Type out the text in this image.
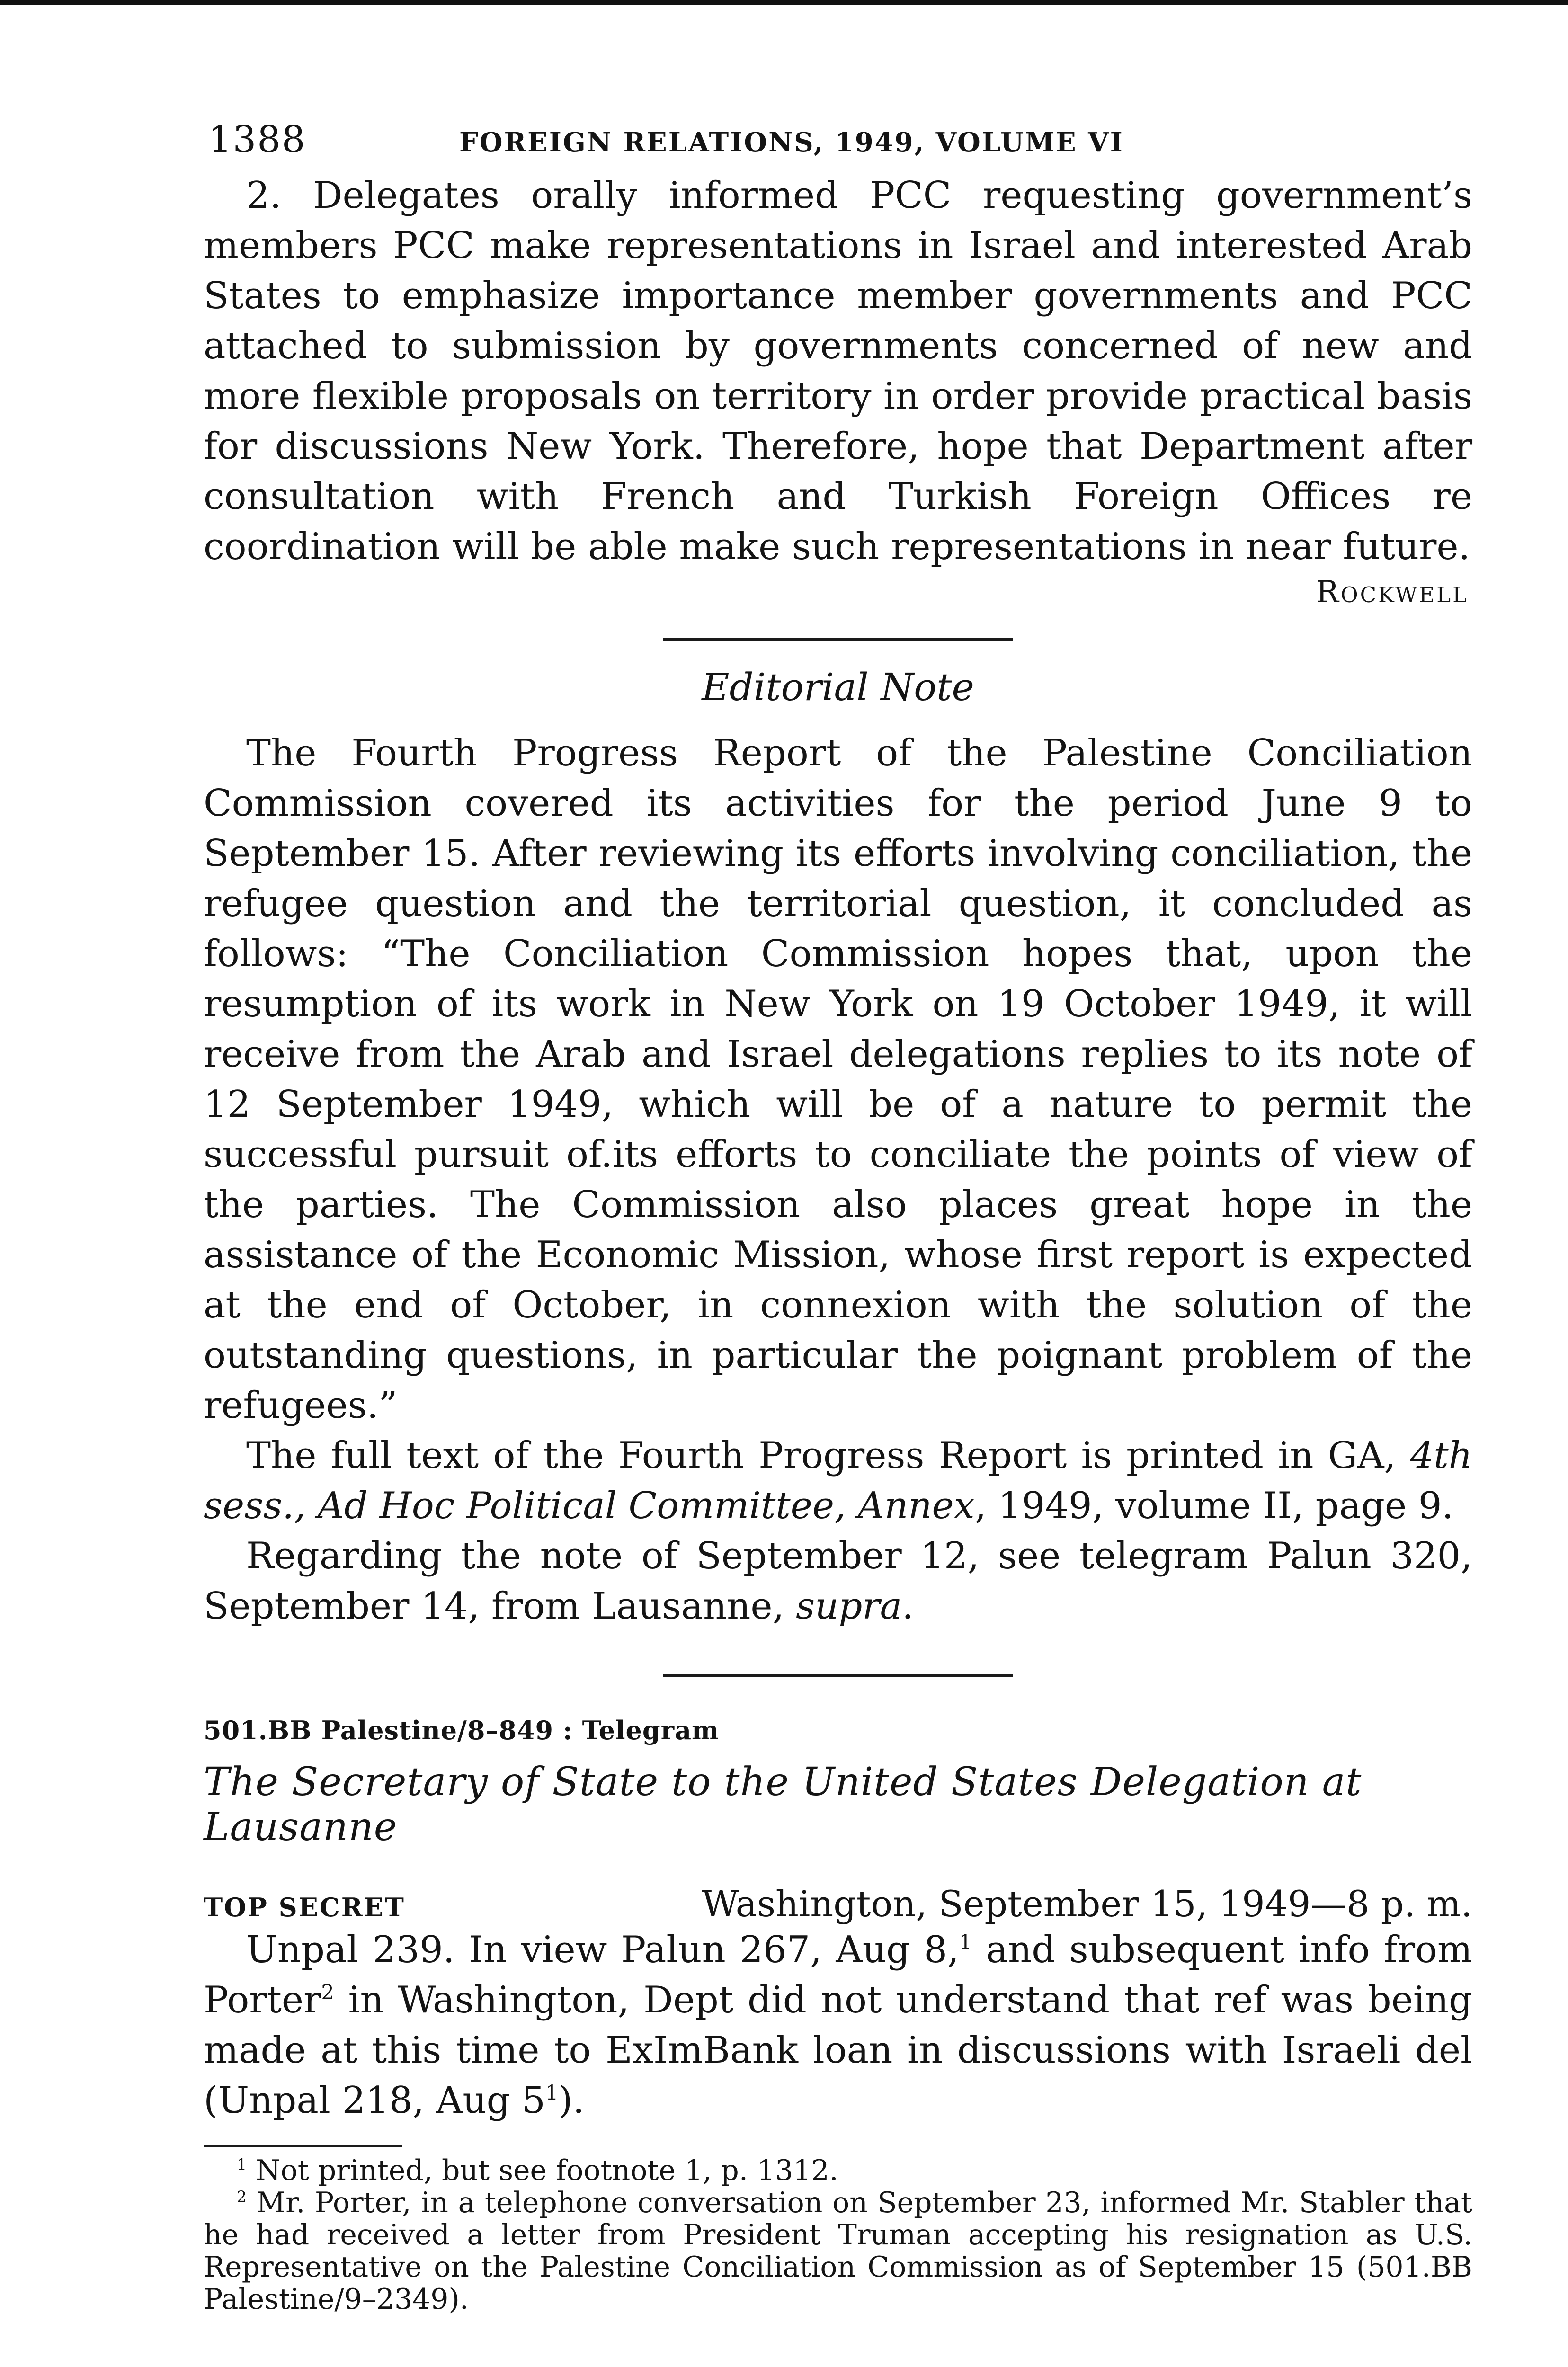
1388	FOREIGN RELATIONS, 1949, VOLUME VI

2. Delegates orally informed PCC requesting government’s members PCC make representations in Israel and interested Arab States to emphasize importance member governments and PCC attached to submission by governments concerned of new and more flexible proposals on territory in order provide practical basis for discussions New York. Therefore, hope that Department after consultation with French and Turkish Foreign Offices re coordination will be able make such representations in near future.

Rockwell
Editorial Note

The Fourth Progress Report of the Palestine Conciliation Commission covered its activities for the period June 9 to September 15. After reviewing its efforts involving conciliation, the refugee question and the territorial question, it concluded as follows: “The Conciliation Commission hopes that, upon the resumption of its work in New York on 19 October 1949, it will receive from the Arab and Israel delegations replies to its note of 12 September 1949, which will be of a nature to permit the successful pursuit of.its efforts to conciliate the points of view of the parties. The Commission also places great hope in the assistance of the Economic Mission, whose first report is expected at the end of October, in connexion with the solution of the outstanding questions, in particular the poignant problem of the refugees.”

The full text of the Fourth Progress Report is printed in GA, 4th sess., Ad Hoc Political Committee, Annex, 1949, volume II, page 9.

Regarding the note of September 12, see telegram Palun 320, September 14, from Lausanne, supra.

501.BB Palestine/8–849 : Telegram
The Secretary of State to the United States Delegation at Lausanne
TOP SECRET	Washington, September 15, 1949—8 p. m.

Unpal 239. In view Palun 267, Aug 8,$^1$ and subsequent info from Porter$^2$ in Washington, Dept did not understand that ref was being made at this time to ExImBank loan in discussions with Israeli del (Unpal 218, Aug $5^1$).

$^1$ Not printed, but see footnote 1, p. 1312.
$^2$ Mr. Porter, in a telephone conversation on September 23, informed Mr. Stabler that he had received a letter from President Truman accepting his resignation as U.S. Representative on the Palestine Conciliation Commission as of September 15 (501.BB Palestine/9–2349).
